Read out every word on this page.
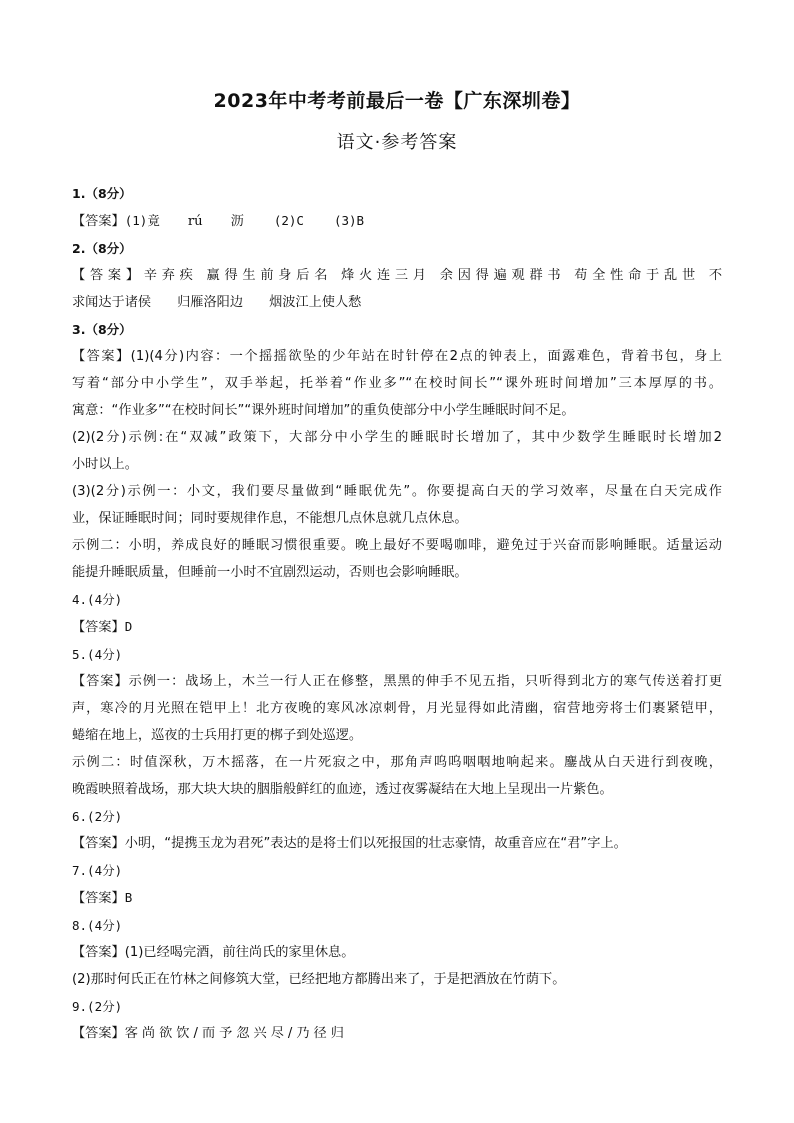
2023年中考考前最后一卷【广东深圳卷】
语文·参考答案
1.（8分）
【答案】(1)竟 rú 沥 (2)C (3)B
2.（8分）
【答案】辛弃疾 赢得生前身后名 烽火连三月 余因得遍观群书 苟全性命于乱世 不
求闻达于诸侯 归雁洛阳边 烟波江上使人愁
3.（8分）
【答案】(1)(4分)内容：一个摇摇欲坠的少年站在时针停在2点的钟表上，面露难色，背着书包，身上
写着“部分中小学生”，双手举起，托举着“作业多”“在校时间长”“课外班时间增加”三本厚厚的书。
寓意：“作业多”“在校时间长”“课外班时间增加”的重负使部分中小学生睡眠时间不足。
(2)(2分)示例:在“双减”政策下，大部分中小学生的睡眠时长增加了，其中少数学生睡眠时长增加2
小时以上。
(3)(2分)示例一：小文，我们要尽量做到“睡眠优先”。你要提高白天的学习效率，尽量在白天完成作
业，保证睡眠时间；同时要规律作息，不能想几点休息就几点休息。
示例二：小明，养成良好的睡眠习惯很重要。晚上最好不要喝咖啡，避免过于兴奋而影响睡眠。适量运动
能提升睡眠质量，但睡前一小时不宜剧烈运动，否则也会影响睡眠。
4.(4分)
【答案】D
5.(4分)
【答案】示例一：战场上，木兰一行人正在修整，黑黑的伸手不见五指，只听得到北方的寒气传送着打更
声，寒冷的月光照在铠甲上！北方夜晚的寒风冰凉刺骨，月光显得如此清幽，宿营地旁将士们裹紧铠甲，
蜷缩在地上，巡夜的士兵用打更的梆子到处巡逻。
示例二：时值深秋，万木摇落，在一片死寂之中，那角声呜呜咽咽地响起来。鏖战从白天进行到夜晚，
晚霞映照着战场，那大块大块的胭脂般鲜红的血迹，透过夜雾凝结在大地上呈现出一片紫色。
6.(2分)
【答案】小明，“提携玉龙为君死”表达的是将士们以死报国的壮志豪情，故重音应在“君”字上。
7.(4分)
【答案】B
8.(4分)
【答案】(1)已经喝完酒，前往尚氏的家里休息。
(2)那时何氏正在竹林之间修筑大堂，已经把地方都腾出来了，于是把酒放在竹荫下。
9.(2分)
【答案】客尚欲饮/而予忽兴尽/乃径归
